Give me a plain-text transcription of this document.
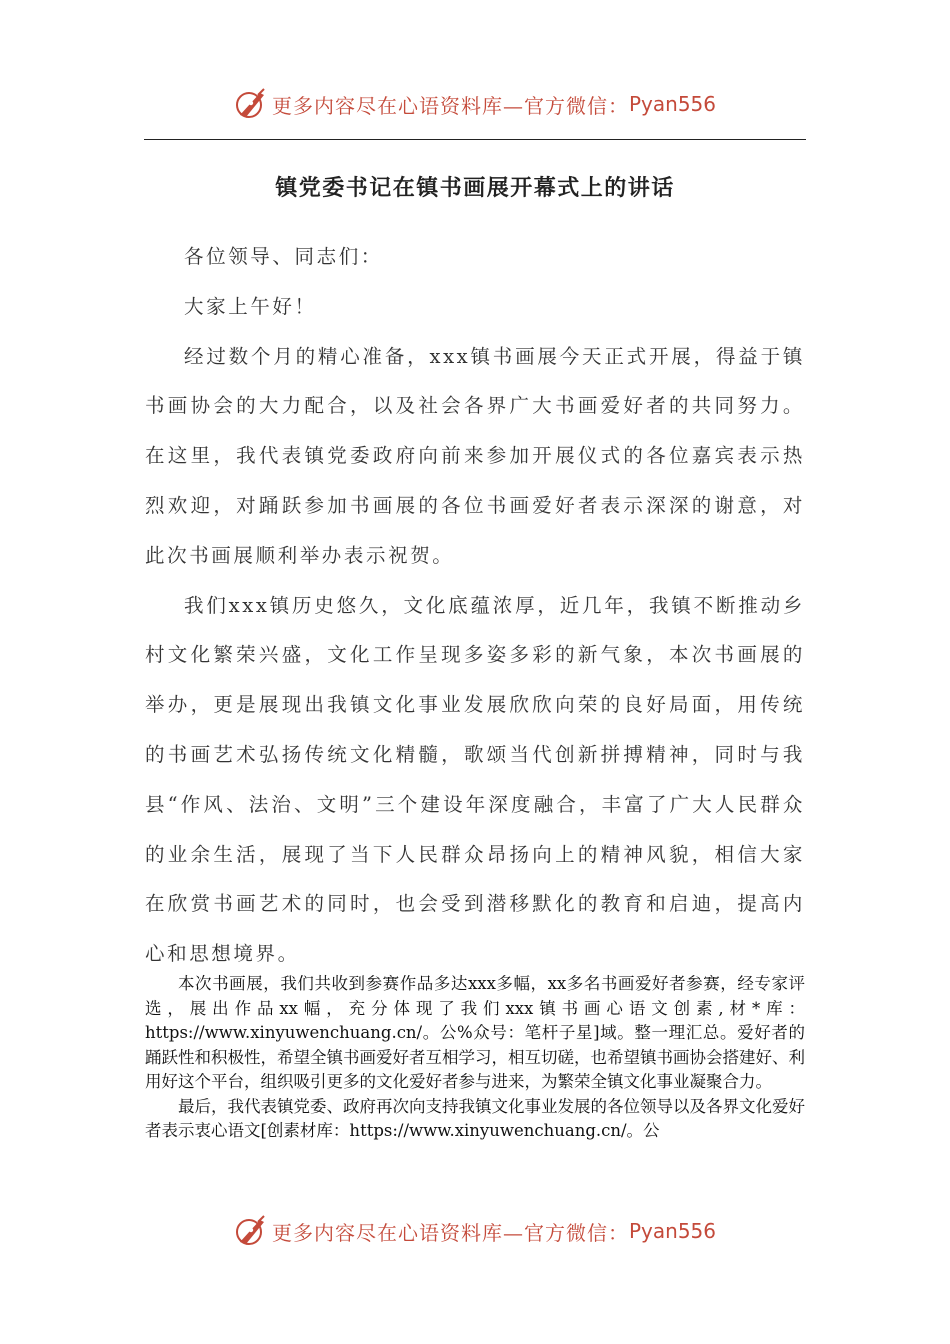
更多内容尽在心语资料库—官方微信： Pyan556
镇党委书记在镇书画展开幕式上的讲话

各位领导、同志们：

大家上午好！

经过数个月的精心准备，xxx镇书画展今天正式开展，得益于镇书画协会的大力配合，以及社会各界广大书画爱好者的共同努力。在这里，我代表镇党委政府向前来参加开展仪式的各位嘉宾表示热烈欢迎，对踊跃参加书画展的各位书画爱好者表示深深的谢意，对此次书画展顺利举办表示祝贺。

我们xxx镇历史悠久，文化底蕴浓厚，近几年，我镇不断推动乡村文化繁荣兴盛，文化工作呈现多姿多彩的新气象，本次书画展的举办，更是展现出我镇文化事业发展欣欣向荣的良好局面，用传统的书画艺术弘扬传统文化精髓，歌颂当代创新拼搏精神，同时与我县“作风、法治、文明”三个建设年深度融合，丰富了广大人民群众的业余生活，展现了当下人民群众昂扬向上的精神风貌，相信大家在欣赏书画艺术的同时，也会受到潜移默化的教育和启迪，提高内心和思想境界。

本次书画展，我们共收到参赛作品多达xxx多幅，xx多名书画爱好者参赛，经专家评选，展出作品xx幅，充分体现了我们xxx镇书画心语文创素,材*库：https://www.xinyuwenchuang.cn/。公%众号：笔杆子星]域。整一理汇总。爱好者的踊跃性和积极性，希望全镇书画爱好者互相学习，相互切磋，也希望镇书画协会搭建好、利用好这个平台，组织吸引更多的文化爱好者参与进来，为繁荣全镇文化事业凝聚合力。

最后，我代表镇党委、政府再次向支持我镇文化事业发展的各位领导以及各界文化爱好者表示衷心语文[创素材库：https://www.xinyuwenchuang.cn/。公

更多内容尽在心语资料库—官方微信： Pyan556
